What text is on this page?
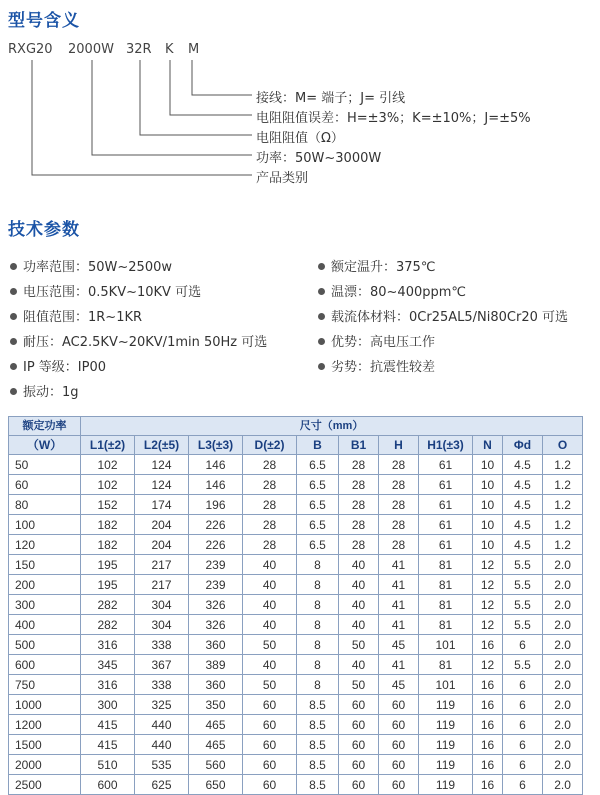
型号含义
RXG20 2000W 32R K M
接线：M= 端子；J= 引线
电阻阻值误差：H=±3%；K=±10%；J=±5%
电阻阻值（Ω）
功率：50W~3000W
产品类别
技术参数
功率范围：50W~2500w
电压范围：0.5KV~10KV 可选
阻值范围：1R~1KR
耐压：AC2.5KV~20KV/1min 50Hz 可选
IP 等级：IP00
振动：1g
额定温升：375℃
温漂：80~400ppm℃
载流体材料：0Cr25AL5/Ni80Cr20 可选
优势：高电压工作
劣势：抗震性较差
额定功率	尺寸（mm）										
（W）	L1(±2)	L2(±5)	L3(±3)	D(±2)	B	B1	H	H1(±3)	N	Φd	O
50	102	124	146	28	6.5	28	28	61	10	4.5	1.2
60	102	124	146	28	6.5	28	28	61	10	4.5	1.2
80	152	174	196	28	6.5	28	28	61	10	4.5	1.2
100	182	204	226	28	6.5	28	28	61	10	4.5	1.2
120	182	204	226	28	6.5	28	28	61	10	4.5	1.2
150	195	217	239	40	8	40	41	81	12	5.5	2.0
200	195	217	239	40	8	40	41	81	12	5.5	2.0
300	282	304	326	40	8	40	41	81	12	5.5	2.0
400	282	304	326	40	8	40	41	81	12	5.5	2.0
500	316	338	360	50	8	50	45	101	16	6	2.0
600	345	367	389	40	8	40	41	81	12	5.5	2.0
750	316	338	360	50	8	50	45	101	16	6	2.0
1000	300	325	350	60	8.5	60	60	119	16	6	2.0
1200	415	440	465	60	8.5	60	60	119	16	6	2.0
1500	415	440	465	60	8.5	60	60	119	16	6	2.0
2000	510	535	560	60	8.5	60	60	119	16	6	2.0
2500	600	625	650	60	8.5	60	60	119	16	6	2.0
